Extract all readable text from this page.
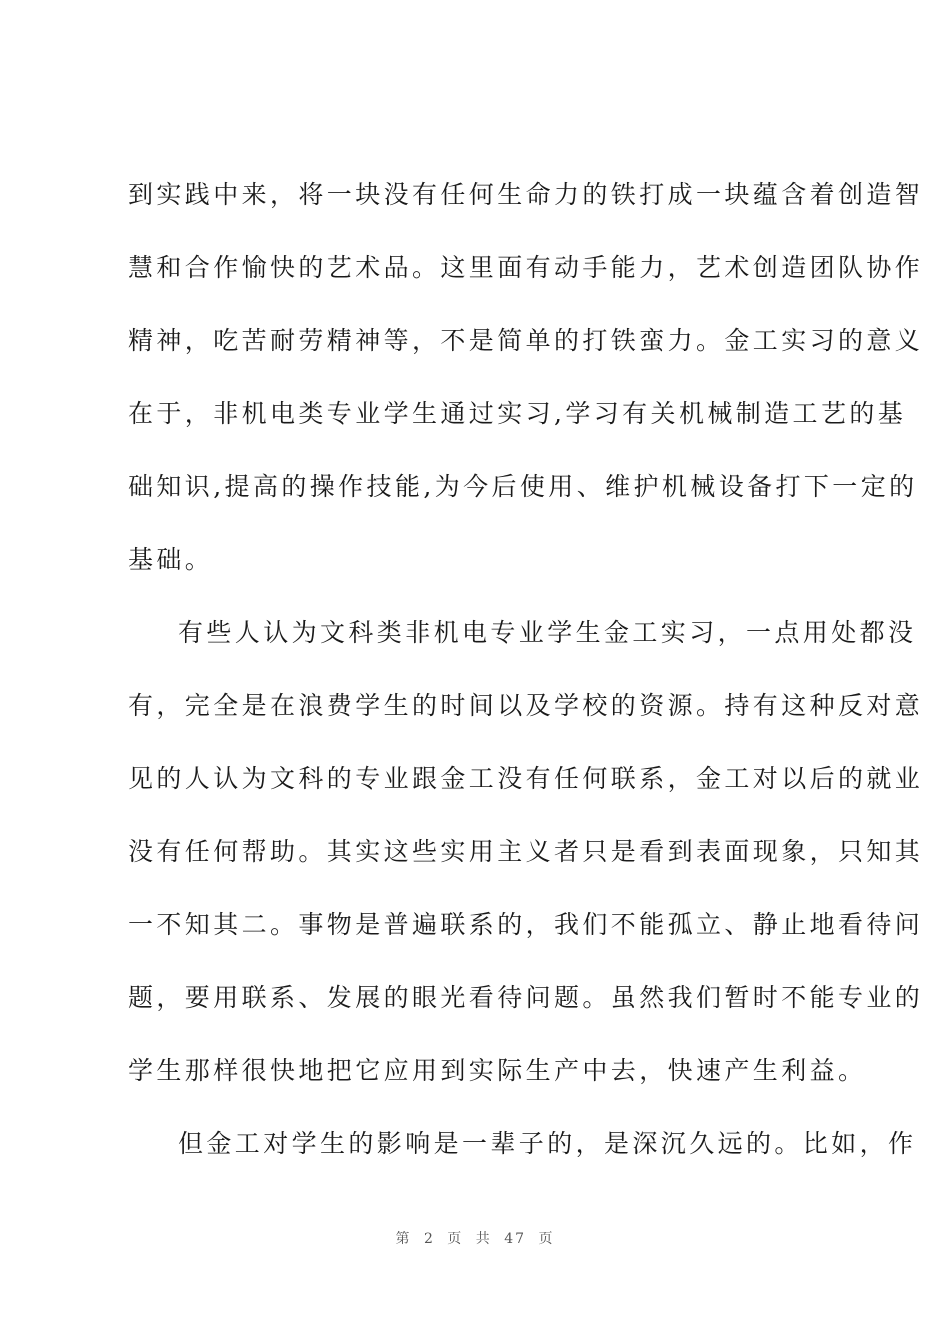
到实践中来，将一块没有任何生命力的铁打成一块蕴含着创造智
慧和合作愉快的艺术品。这里面有动手能力，艺术创造团队协作
精神，吃苦耐劳精神等，不是简单的打铁蛮力。金工实习的意义
在于，非机电类专业学生通过实习,学习有关机械制造工艺的基
础知识,提高的操作技能,为今后使用、维护机械设备打下一定的
基础。
有些人认为文科类非机电专业学生金工实习，一点用处都没
有，完全是在浪费学生的时间以及学校的资源。持有这种反对意
见的人认为文科的专业跟金工没有任何联系，金工对以后的就业
没有任何帮助。其实这些实用主义者只是看到表面现象，只知其
一不知其二。事物是普遍联系的，我们不能孤立、静止地看待问
题，要用联系、发展的眼光看待问题。虽然我们暂时不能专业的
学生那样很快地把它应用到实际生产中去，快速产生利益。
但金工对学生的影响是一辈子的，是深沉久远的。比如，作
第 2 页 共 47 页
